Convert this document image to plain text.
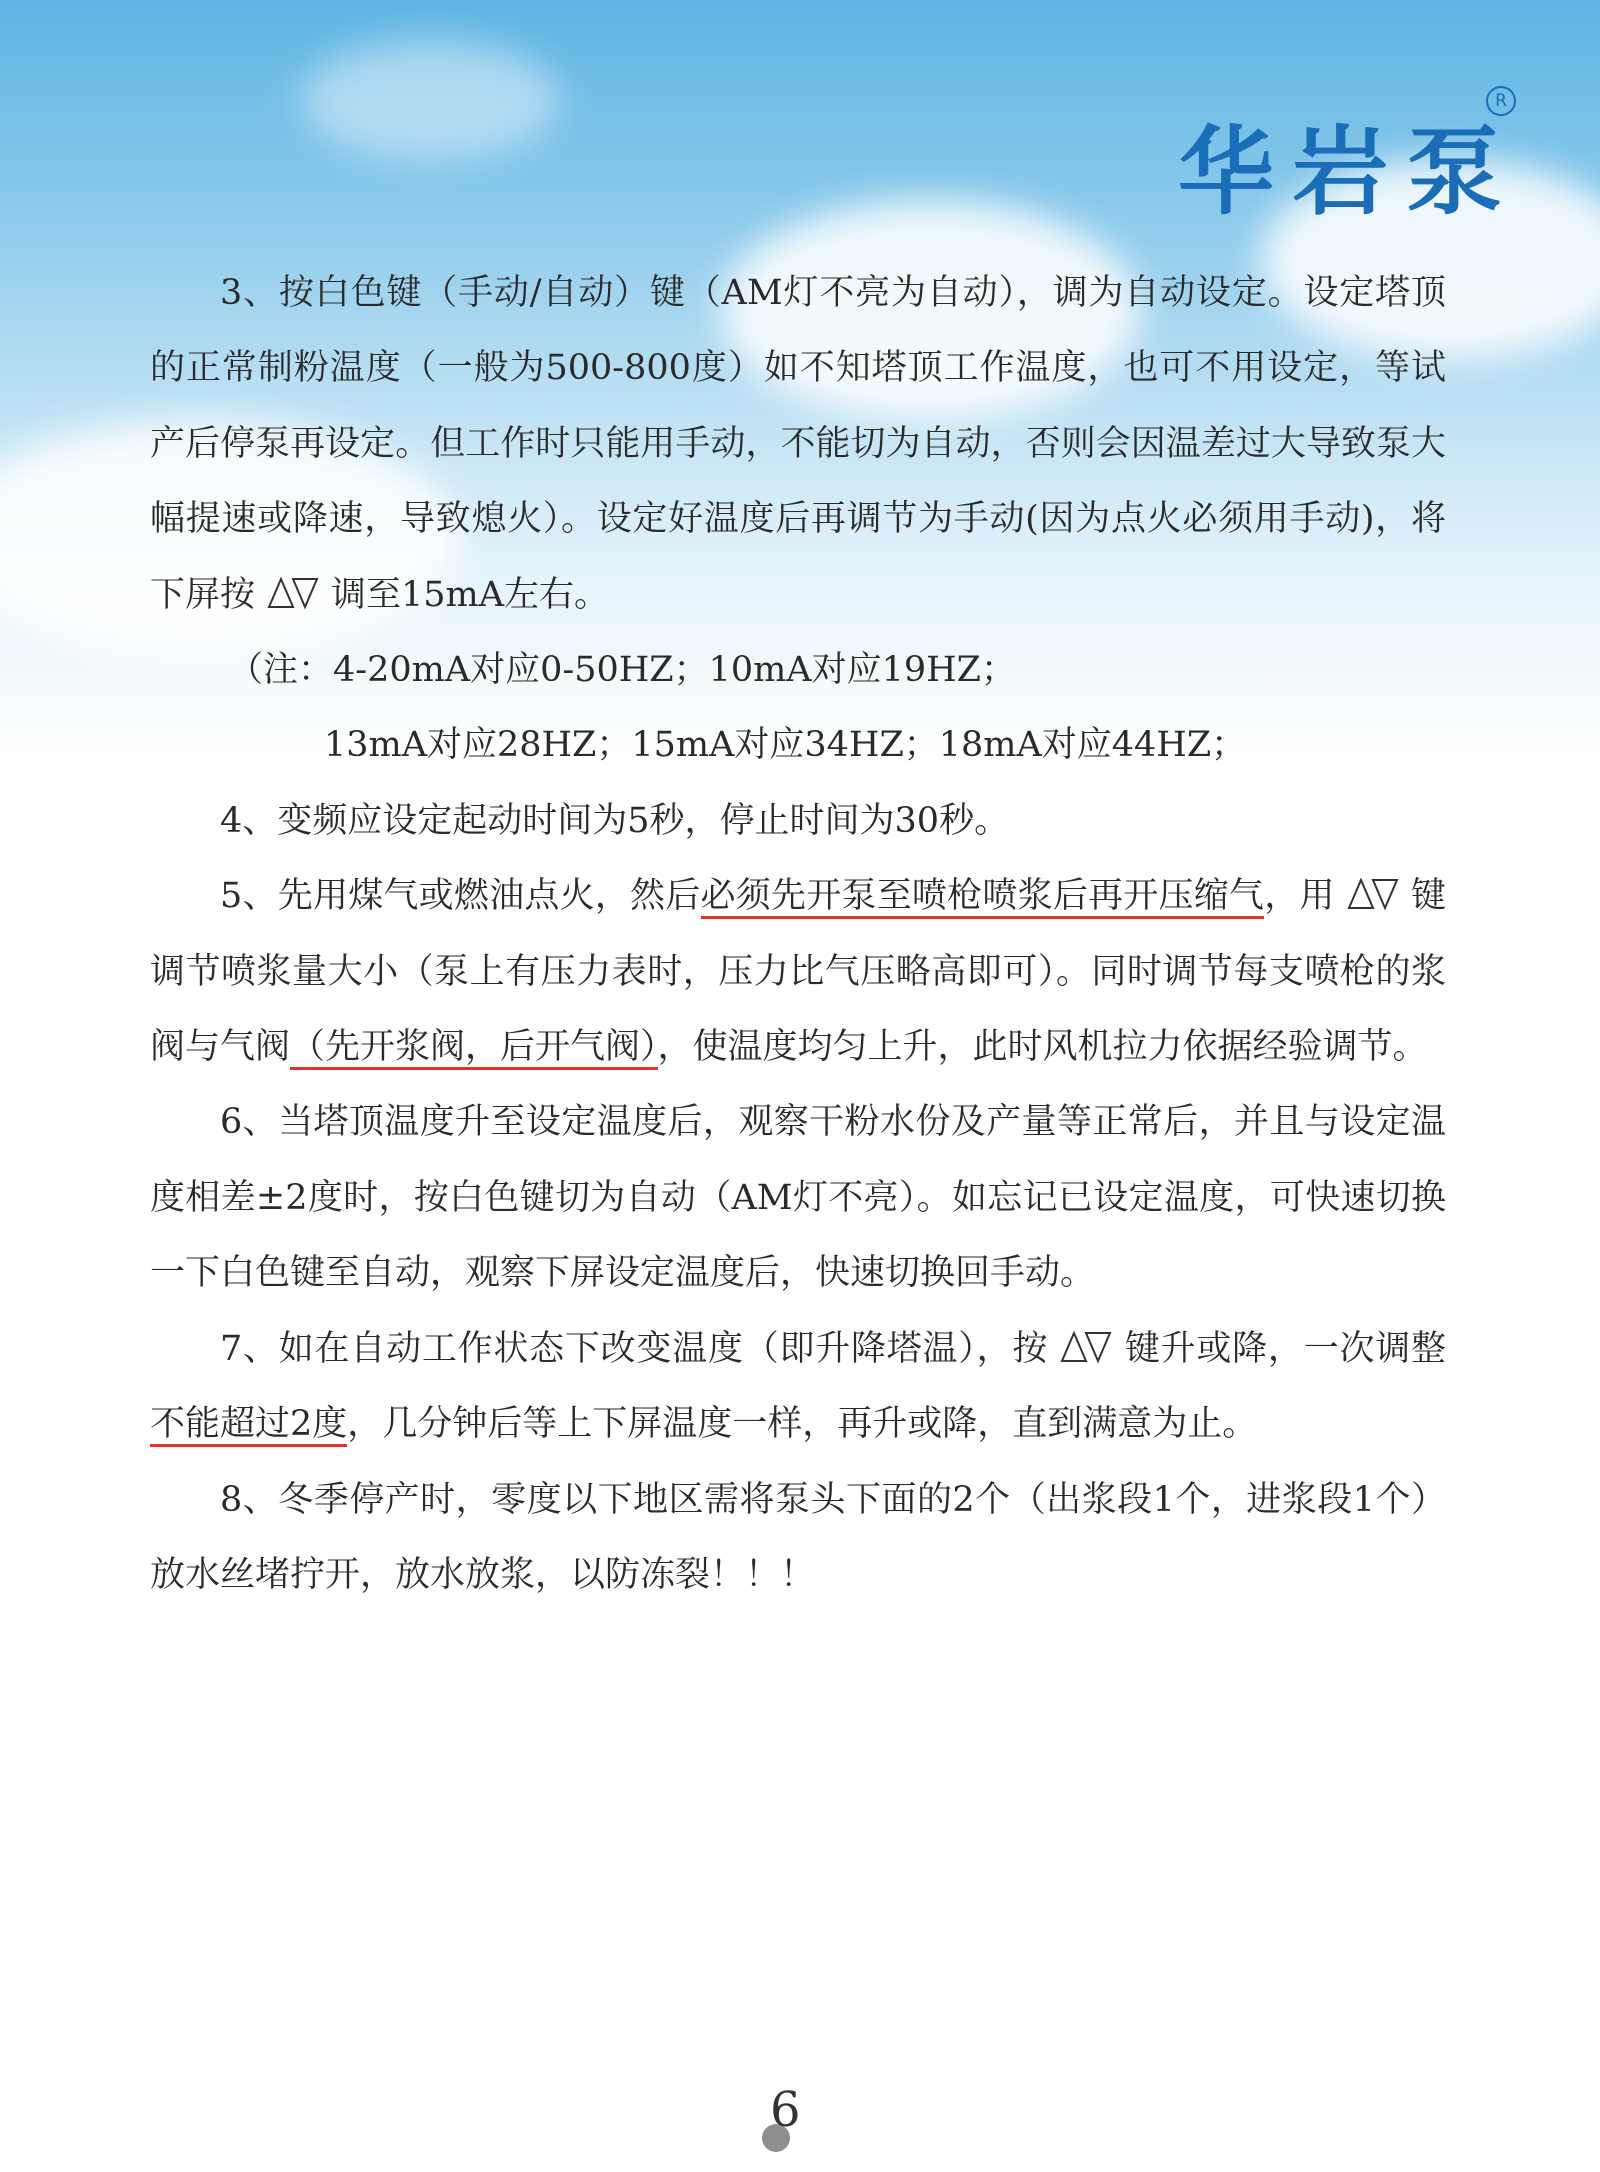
华岩泵
R

3、按白色键（手动/自动）键（AM灯不亮为自动），调为自动设定。设定塔顶的正常制粉温度（一般为500-800度）如不知塔顶工作温度，也可不用设定，等试产后停泵再设定。但工作时只能用手动，不能切为自动，否则会因温差过大导致泵大幅提速或降速，导致熄火）。设定好温度后再调节为手动(因为点火必须用手动)，将下屏按 调至15mA左右。

（注：4-20mA对应0-50HZ；10mA对应19HZ；

13mA对应28HZ；15mA对应34HZ；18mA对应44HZ；

4、变频应设定起动时间为5秒，停止时间为30秒。

5、先用煤气或燃油点火，然后必须先开泵至喷枪喷浆后再开压缩气，用 键调节喷浆量大小（泵上有压力表时，压力比气压略高即可）。同时调节每支喷枪的浆阀与气阀（先开浆阀，后开气阀），使温度均匀上升，此时风机拉力依据经验调节。

6、当塔顶温度升至设定温度后，观察干粉水份及产量等正常后，并且与设定温度相差±2度时，按白色键切为自动（AM灯不亮）。如忘记已设定温度，可快速切换一下白色键至自动，观察下屏设定温度后，快速切换回手动。

7、如在自动工作状态下改变温度（即升降塔温），按 键升或降，一次调整不能超过2度，几分钟后等上下屏温度一样，再升或降，直到满意为止。

8、冬季停产时，零度以下地区需将泵头下面的2个（出浆段1个，进浆段1个）放水丝堵拧开，放水放浆，以防冻裂！！！

6
